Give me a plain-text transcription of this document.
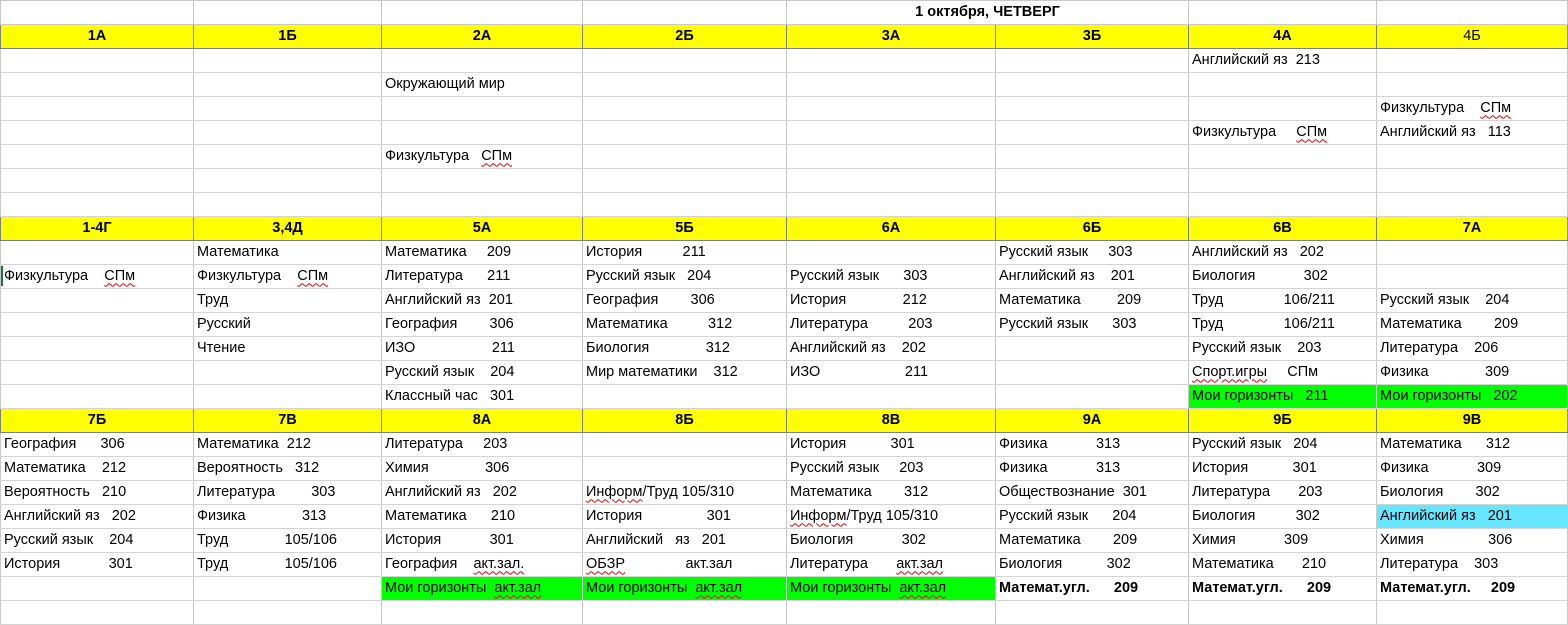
				1 октября, ЧЕТВЕРГ			
1А	1Б	2А	2Б	3А	3Б	4А	4Б
						Английский яз  213	
		Окружающий мир					
							Физкультура    СПм
						Физкультура     СПм	Английский яз   113
		Физкультура   СПм					

1-4Г	3,4Д	5А	5Б	6А	6Б	6В	7А
	Математика	Математика     209	История          211		Русский язык     303	Английский яз   202	
Физкультура    СПм	Физкультура    СПм	Литература      211	Русский язык   204	Русский язык      303	Английский яз    201	Биология            302	
	Труд	Английский яз  201	География        306	История              212	Математика         209	Труд               106/211	Русский язык    204
	Русский	География        306	Математика          312	Литература          203	Русский язык      303	Труд               106/211	Математика        209
	Чтение	ИЗО                   211	Биология              312	Английский яз    202		Русский язык    203	Литература    206
		Русский язык    204	Мир математики    312	ИЗО                     211		Спорт.игры     СПм	Физика              309
		Классный час   301				Мои горизонты   211	Мои горизонты   202
7Б	7В	8А	8Б	8В	9А	9Б	9В
География      306	Математика  212	Литература     203		История           301	Физика            313	Русский язык   204	Математика      312
Математика    212	Вероятность   312	Химия              306		Русский язык     203	Физика            313	История           301	Физика            309
Вероятность   210	Литература         303	Английский яз   202	Информ/Труд 105/310	Математика        312	Обществознание  301	Литература       203	Биология        302
Английский яз   202	Физика              313	Математика      210	История                301	Информ/Труд 105/310	Русский язык      204	Биология          302	Английский яз   201
Русский язык    204	Труд              105/106	История            301	Английский   яз   201	Биология            302	Математика        209	Химия            309	Химия                306
История            301	Труд              105/106	География    акт.зал.	ОБЗР               акт.зал	Литература       акт.зал	Биология           302	Математика       210	Литература    303
		Мои горизонты  акт.зал	Мои горизонты  акт.зал	Мои горизонты  акт.зал	Математ.угл.      209	Математ.угл.      209	Математ.угл.     209
